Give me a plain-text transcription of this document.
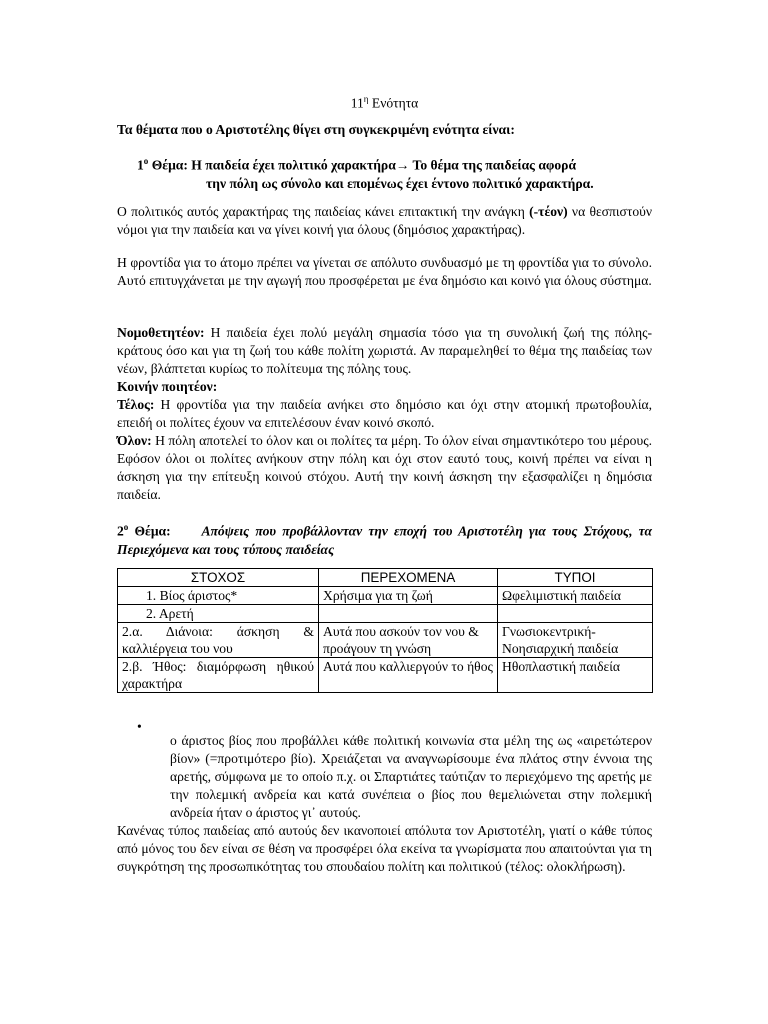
$11^\eta$ Ενότητα

Τα θέματα που ο Αριστοτέλης θίγει στη συγκεκριμένη ενότητα είναι:

$1^o$ Θέμα: Η παιδεία έχει πολιτικό χαρακτήρα→ Το θέμα της παιδείας αφορά
την πόλη ως σύνολο και επομένως έχει έντονο πολιτικό χαρακτήρα.

Ο πολιτικός αυτός χαρακτήρας της παιδείας κάνει επιτακτική την ανάγκη (-τέον) να θεσπιστούν νόμοι για την παιδεία και να γίνει κοινή για όλους (δημόσιος χαρακτήρας).

Η φροντίδα για το άτομο πρέπει να γίνεται σε απόλυτο συνδυασμό με τη φροντίδα για το σύνολο. Αυτό επιτυγχάνεται με την αγωγή που προσφέρεται με ένα δημόσιο και κοινό για όλους σύστημα.

Νομοθετητέον: Η παιδεία έχει πολύ μεγάλη σημασία τόσο για τη συνολική ζωή της πόλης-κράτους όσο και για τη ζωή του κάθε πολίτη χωριστά. Αν παραμεληθεί το θέμα της παιδείας των νέων, βλάπτεται κυρίως το πολίτευμα της πόλης τους.

Κοινήν ποιητέον:

Τέλος: Η φροντίδα για την παιδεία ανήκει στο δημόσιο και όχι στην ατομική πρωτοβουλία, επειδή οι πολίτες έχουν να επιτελέσουν έναν κοινό σκοπό.

Όλον: Η πόλη αποτελεί το όλον και οι πολίτες τα μέρη. Το όλον είναι σημαντικότερο του μέρους. Εφόσον όλοι οι πολίτες ανήκουν στην πόλη και όχι στον εαυτό τους, κοινή πρέπει να είναι η άσκηση για την επίτευξη κοινού στόχου. Αυτή την κοινή άσκηση την εξασφαλίζει η δημόσια παιδεία.

$2^o$ Θέμα: Απόψεις που προβάλλονταν την εποχή του Αριστοτέλη για τους Στόχους, τα Περιεχόμενα και τους τύπους παιδείας

ΣΤΟΧΟΣ	ΠΕΡΕΧΟΜΕΝΑ	ΤΥΠΟΙ
1. Βίος άριστος*	Χρήσιμα για τη ζωή	Ωφελιμιστική παιδεία
2. Αρετή		
2.α. Διάνοια: άσκηση & καλλιέργεια του νου	Αυτά που ασκούν τον νου & προάγουν τη γνώση	Γνωσιοκεντρική-Νοησιαρχική παιδεία
2.β. Ήθος: διαμόρφωση ηθικού χαρακτήρα	Αυτά που καλλιεργούν το ήθος	Ηθοπλαστική παιδεία
•

ο άριστος βίος που προβάλλει κάθε πολιτική κοινωνία στα μέλη της ως «αιρετώτερον βίον» (=προτιμότερο βίο). Χρειάζεται να αναγνωρίσουμε ένα πλάτος στην έννοια της αρετής, σύμφωνα με το οποίο π.χ. οι Σπαρτιάτες ταύτιζαν το περιεχόμενο της αρετής με την πολεμική ανδρεία και κατά συνέπεια ο βίος που θεμελιώνεται στην πολεμική ανδρεία ήταν ο άριστος γι᾿ αυτούς.

Κανένας τύπος παιδείας από αυτούς δεν ικανοποιεί απόλυτα τον Αριστοτέλη, γιατί ο κάθε τύπος από μόνος του δεν είναι σε θέση να προσφέρει όλα εκείνα τα γνωρίσματα που απαιτούνται για τη συγκρότηση της προσωπικότητας του σπουδαίου πολίτη και πολιτικού (τέλος: ολοκλήρωση).
